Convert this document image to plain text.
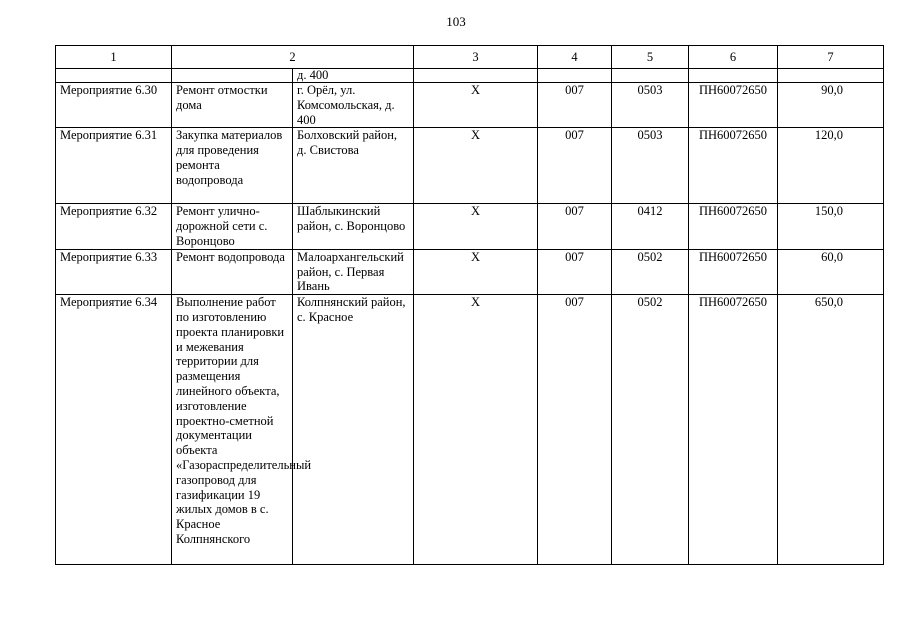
103
1	2		3	4	5	6	7
		д. 400					
Мероприятие 6.30	Ремонт отмостки дома	г. Орёл, ул. Комсомольская, д. 400	Х	007	0503	ПН60072650	90,0
Мероприятие 6.31	Закупка материалов для проведения ремонта водопровода	Болховский район, д. Свистова	Х	007	0503	ПН60072650	120,0
Мероприятие 6.32	Ремонт улично-дорожной сети с. Воронцово	Шаблыкинский район, с. Воронцово	Х	007	0412	ПН60072650	150,0
Мероприятие 6.33	Ремонт водопровода	Малоархангельский район, с. Первая Ивань	Х	007	0502	ПН60072650	60,0
Мероприятие 6.34	Выполнение работ по изготовлению проекта планировки и межевания территории для размещения линейного объекта, изготовление проектно-сметной документации объекта «Газораспределительный газопровод для газификации 19 жилых домов в с. Красное Колпнянского	Колпнянский район, с. Красное	Х	007	0502	ПН60072650	650,0
